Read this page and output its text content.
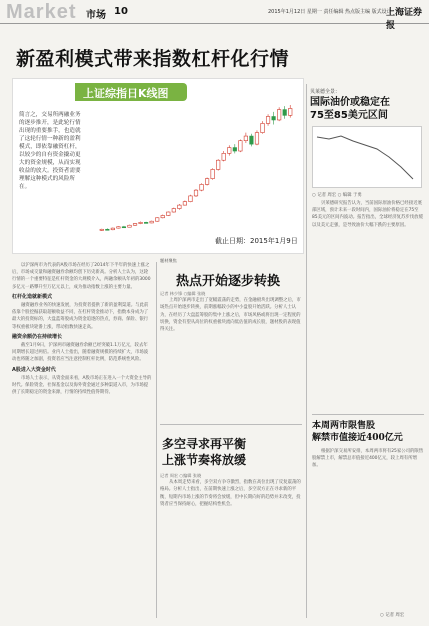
Market 市场 10	2015年1月12日 星期一 责任编辑 热点版主编 版式设计
上海证券报
新盈利模式带来指数杠杆化行情
上证综指日K线图
简言之，交易所两融业务的逐步推开，是此轮行情出现的重要推手，也造就了这轮行情一种新的盈利模式，即依靠融资杠杆，以较少的自有资金撬动更大的资金规模，从而实现收益的放大。投资者需要理解这种模式的风险所在。
截止日期：2015年1月9日

以沪深两市为代表的A股市场在经历了2014年下半年的快速上涨之后，市场成交量和融资融券余额均创下历史新高。分析人士认为，这轮行情的一个重要特征是杠杆资金的大规模介入，两融余额从年初的3000多亿元一路攀升至万亿元以上，成为推动指数上涨的主要力量。

杠杆化造就新模式

融资融券业务的快速发展，为投资者提供了新的盈利渠道。与此前依靠个股挖掘获取超额收益不同，在杠杆资金推动下，指数本身成为了最大的投资标的，大盘蓝筹股成为资金追逐的热点，券商、保险、银行等权重板块轮番上涨，带动指数快速走高。

融资余额仍在持续增长

截至1月9日，沪深两市融资融券余额已经突破1.1万亿元，较去年同期增长超过两倍。业内人士指出，随着融资规模的持续扩大，市场波动也将随之加剧，投资者应当注意控制杠杆比例，防范系统性风险。

A股进入大资金时代

市场人士表示，从资金面来看，A股市场正在进入一个大资金主导的时代。保险资金、社保基金以及海外资金通过多种渠道入市，为市场提供了长期稳定的资金来源，行情的持续性值得期待。

题材聚焦
热点开始逐步转换
记者 林少锋 ○编辑 张晓

上周沪深两市走出了宽幅震荡的走势，在金融板块出现调整之后，市场热点开始逐步转换，前期涨幅较小的中小盘股开始活跃。分析人士认为，在经历了大盘蓝筹股的集中上涨之后，市场风格或将出现一定程度的切换，资金有望从高位的权重板块流向低估值的成长股，题材股的表现值得关注。

多空寻求再平衡
上涨节奏将放缓
记者 周宏 ○编辑 张晓

从本周走势来看，多空双方争夺激烈，指数在高位出现了反复震荡的格局。分析人士指出，在前期快速上涨之后，多空双方正在寻求新的平衡，短期内市场上涨的节奏将会放缓，但中长期向好的趋势并未改变，投资者应当保持耐心，把握结构性机会。

贝莱德全景：
国际油价或稳定在
75至85美元区间
○ 记者 周宏 ○ 编辑 于勇

贝莱德研究报告认为，当前国际原油价格已经接近底部区域，预计未来一段时间内，国际油价将稳定在75至85美元的区间内波动。报告指出，全球经济复苏步伐放缓以及美元走强，是导致油价大幅下跌的主要原因。

本周两市限售股
解禁市值接近400亿元

根据沪深交易所安排，本周两市将有25家公司的限售股解禁上市，解禁总市值接近400亿元，较上周有所增加。

○ 记者 周宏
